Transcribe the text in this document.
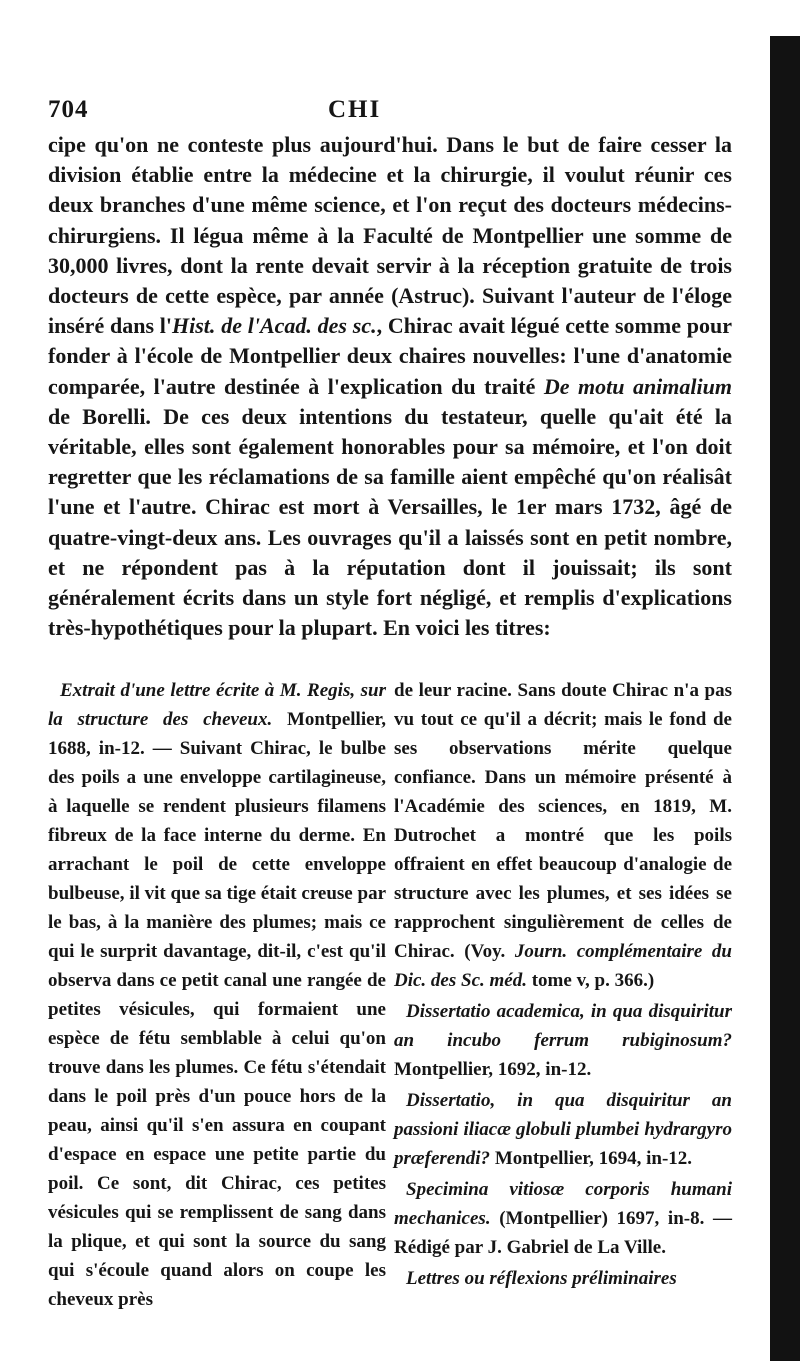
704	CHI

cipe qu'on ne conteste plus aujourd'hui. Dans le but de faire cesser la division établie entre la médecine et la chirurgie, il voulut réunir ces deux branches d'une même science, et l'on reçut des docteurs médecins-chirurgiens. Il légua même à la Faculté de Montpellier une somme de 30,000 livres, dont la rente devait servir à la réception gratuite de trois docteurs de cette espèce, par année (Astruc). Suivant l'auteur de l'éloge inséré dans l'Hist. de l'Acad. des sc., Chirac avait légué cette somme pour fonder à l'école de Montpellier deux chaires nouvelles: l'une d'anatomie comparée, l'autre destinée à l'explication du traité De motu animalium de Borelli. De ces deux intentions du testateur, quelle qu'ait été la véritable, elles sont également honorables pour sa mémoire, et l'on doit regretter que les réclamations de sa famille aient empêché qu'on réalisât l'une et l'autre. Chirac est mort à Versailles, le 1er mars 1732, âgé de quatre-vingt-deux ans. Les ouvrages qu'il a laissés sont en petit nombre, et ne répondent pas à la réputation dont il jouissait; ils sont généralement écrits dans un style fort négligé, et remplis d'explications très-hypothétiques pour la plupart. En voici les titres:

Extrait d'une lettre écrite à M. Regis, sur la structure des cheveux. Montpellier, 1688, in-12. — Suivant Chirac, le bulbe des poils a une enveloppe cartilagineuse, à laquelle se rendent plusieurs filamens fibreux de la face interne du derme. En arrachant le poil de cette enveloppe bulbeuse, il vit que sa tige était creuse par le bas, à la manière des plumes; mais ce qui le surprit davantage, dit-il, c'est qu'il observa dans ce petit canal une rangée de petites vésicules, qui formaient une espèce de fétu semblable à celui qu'on trouve dans les plumes. Ce fétu s'étendait dans le poil près d'un pouce hors de la peau, ainsi qu'il s'en assura en coupant d'espace en espace une petite partie du poil. Ce sont, dit Chirac, ces petites vésicules qui se remplissent de sang dans la plique, et qui sont la source du sang qui s'écoule quand alors on coupe les cheveux près

de leur racine. Sans doute Chirac n'a pas vu tout ce qu'il a décrit; mais le fond de ses observations mérite quelque confiance. Dans un mémoire présenté à l'Académie des sciences, en 1819, M. Dutrochet a montré que les poils offraient en effet beaucoup d'analogie de structure avec les plumes, et ses idées se rapprochent singulièrement de celles de Chirac. (Voy. Journ. complémentaire du Dic. des Sc. méd. tome v, p. 366.)

Dissertatio academica, in qua disquiritur an incubo ferrum rubiginosum? Montpellier, 1692, in-12.

Dissertatio, in qua disquiritur an passioni iliacæ globuli plumbei hydrargyro præferendi? Montpellier, 1694, in-12.

Specimina vitiosæ corporis humani mechanices. (Montpellier) 1697, in-8. — Rédigé par J. Gabriel de La Ville.

Lettres ou réflexions préliminaires
